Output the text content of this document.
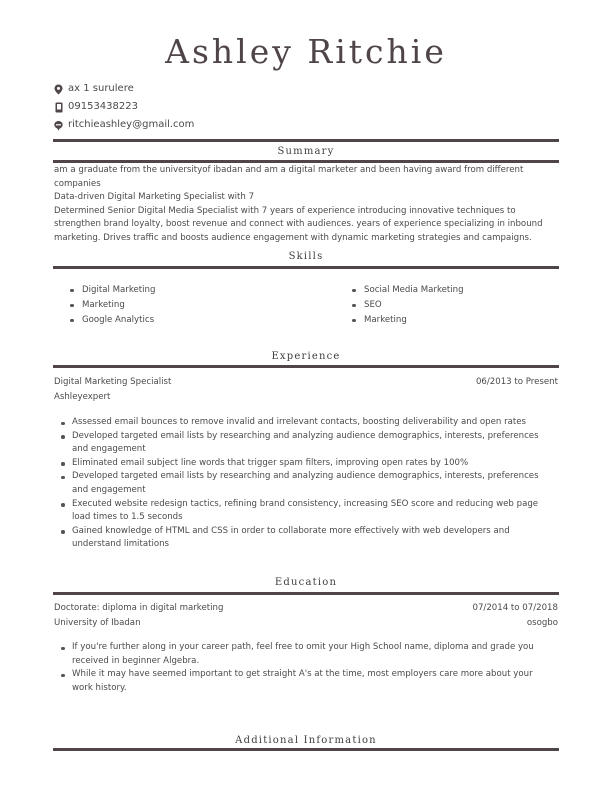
Ashley Ritchie
ax 1 surulere
09153438223
ritchieashley@gmail.com
Summary
am a graduate from the universityof ibadan and am a digital marketer and been having award from different
companies
Data-driven Digital Marketing Specialist with 7
Determined Senior Digital Media Specialist with 7 years of experience introducing innovative techniques to
strengthen brand loyalty, boost revenue and connect with audiences. years of experience specializing in inbound
marketing. Drives traffic and boosts audience engagement with dynamic marketing strategies and campaigns.
Skills
Digital Marketing
Marketing
Google Analytics
Social Media Marketing
SEO
Marketing
Experience
Digital Marketing Specialist	06/2013 to Present
Ashleyexpert
Assessed email bounces to remove invalid and irrelevant contacts, boosting deliverability and open rates
Developed targeted email lists by researching and analyzing audience demographics, interests, preferences and engagement
Eliminated email subject line words that trigger spam filters, improving open rates by 100%
Developed targeted email lists by researching and analyzing audience demographics, interests, preferences and engagement
Executed website redesign tactics, refining brand consistency, increasing SEO score and reducing web page load times to 1.5 seconds
Gained knowledge of HTML and CSS in order to collaborate more effectively with web developers and understand limitations
Education
Doctorate: diploma in digital marketing	07/2014 to 07/2018
University of Ibadan	osogbo
If you're further along in your career path, feel free to omit your High School name, diploma and grade you received in beginner Algebra.
While it may have seemed important to get straight A's at the time, most employers care more about your work history.
Additional Information
